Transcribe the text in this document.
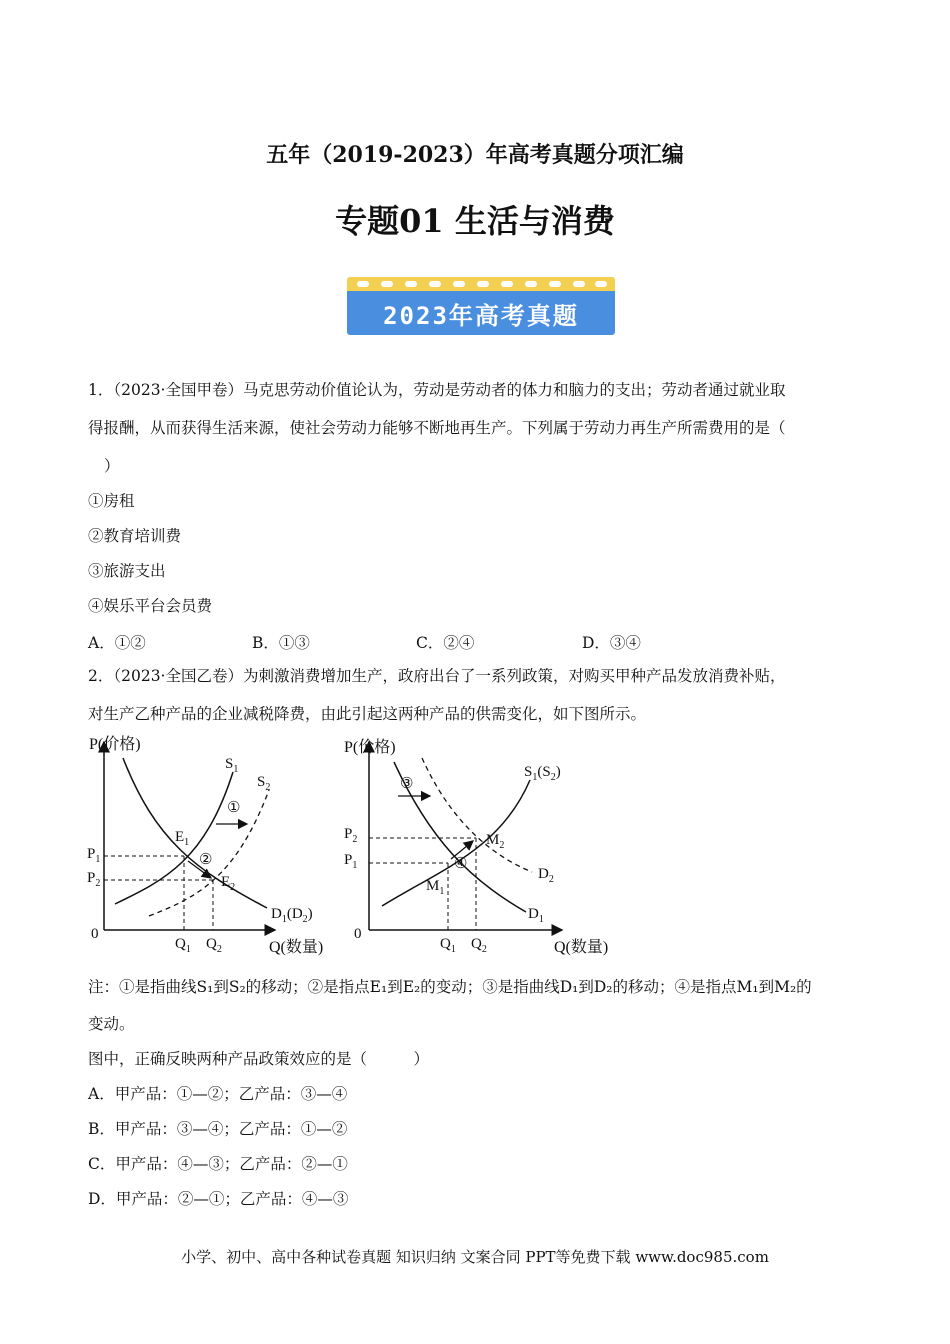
五年（2019-2023）年高考真题分项汇编
专题01 生活与消费
2023年高考真题
1．（2023·全国甲卷）马克思劳动价值论认为，劳动是劳动者的体力和脑力的支出；劳动者通过就业取
得报酬，从而获得生活来源，使社会劳动力能够不断地再生产。下列属于劳动力再生产所需费用的是（
）
①房租
②教育培训费
③旅游支出
④娱乐平台会员费
A．①②	B．①③	C．②④	D．③④
2．（2023·全国乙卷）为刺激消费增加生产，政府出台了一系列政策，对购买甲种产品发放消费补贴，
对生产乙种产品的企业减税降费，由此引起这两种产品的供需变化，如下图所示。
P(价格)
Q(数量)
0
①
②
$S_1$
$S_2$
$E_1$
$E_2$
$D_1(D_2)$
$P_1$
$P_2$
$Q_1$ $Q_2$
P(价格)
Q(数量)
0
③
④
$S_1(S_2)$
$M_2$
$M_1$
$D_2$
$D_1$
$P_2$
$P_1$
$Q_1$ $Q_2$
注：①是指曲线S₁到S₂的移动；②是指点E₁到E₂的变动；③是指曲线D₁到D₂的移动；④是指点M₁到M₂的
变动。
图中，正确反映两种产品政策效应的是（　　　）
A．甲产品：①—②；乙产品：③—④
B．甲产品：③—④；乙产品：①—②
C．甲产品：④—③；乙产品：②—①
D．甲产品：②—①；乙产品：④—③
小学、初中、高中各种试卷真题 知识归纳 文案合同 PPT等免费下载 www.doc985.com
